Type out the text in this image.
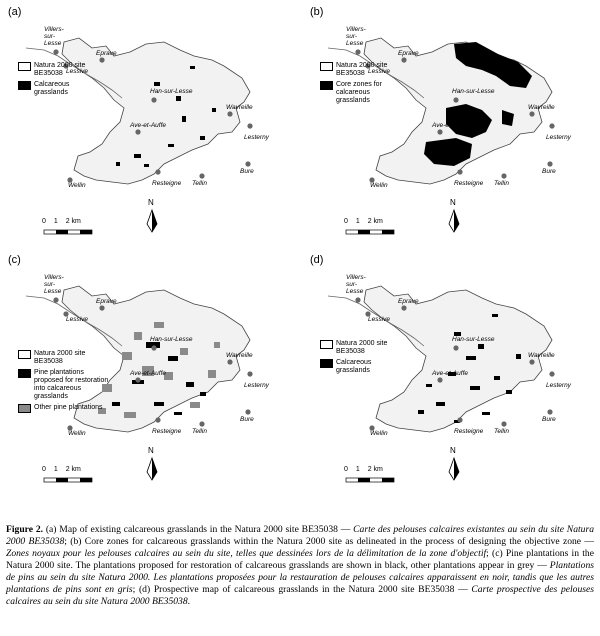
(a)
N
0 1 2 km
Natura 2000 site BE35038
Calcareous grasslands
Villers-sur-Lesse
Eprave
Lessive
Han-sur-Lesse
Wavreille
Ave-et-Auffe
Lesterny
Bure
Wellin	Resteigne Tellin
(b)
N
0 1 2 km
Natura 2000 site BE35038
Core zones for calcareous grasslands
Villers-sur-Lesse
Eprave
Lessive
Han-sur-Lesse
Wavreille
Ave-et-Auffe
Lesterny
Bure
Wellin	Resteigne Tellin
(c)
N
0 1 2 km
Natura 2000 site BE35038
Pine plantations proposed for restoration into calcareous grasslands
Other pine plantations
Villers-sur-Lesse
Eprave
Lessive
Han-sur-Lesse
Wavreille
Ave-et-Auffe
Lesterny
Bure
Wellin	Resteigne Tellin
(d)
N
0 1 2 km
Natura 2000 site BE35038
Calcareous grasslands
Villers-sur-Lesse
Eprave
Lessive
Han-sur-Lesse
Wavreille
Ave-et-Auffe
Lesterny
Bure
Wellin	Resteigne Tellin
Figure 2. (a) Map of existing calcareous grasslands in the Natura 2000 site BE35038 — Carte des pelouses calcaires existantes au sein du site Natura 2000 BE35038; (b) Core zones for calcareous grasslands within the Natura 2000 site as delineated in the process of designing the objective zone — Zones noyaux pour les pelouses calcaires au sein du site, telles que dessinées lors de la délimitation de la zone d'objectif; (c) Pine plantations in the Natura 2000 site. The plantations proposed for restoration of calcareous grasslands are shown in black, other plantations appear in grey — Plantations de pins au sein du site Natura 2000. Les plantations proposées pour la restauration de pelouses calcaires apparaissent en noir, tandis que les autres plantations de pins sont en gris; (d) Prospective map of calcareous grasslands in the Natura 2000 site BE35038 — Carte prospective des pelouses calcaires au sein du site Natura 2000 BE35038.
